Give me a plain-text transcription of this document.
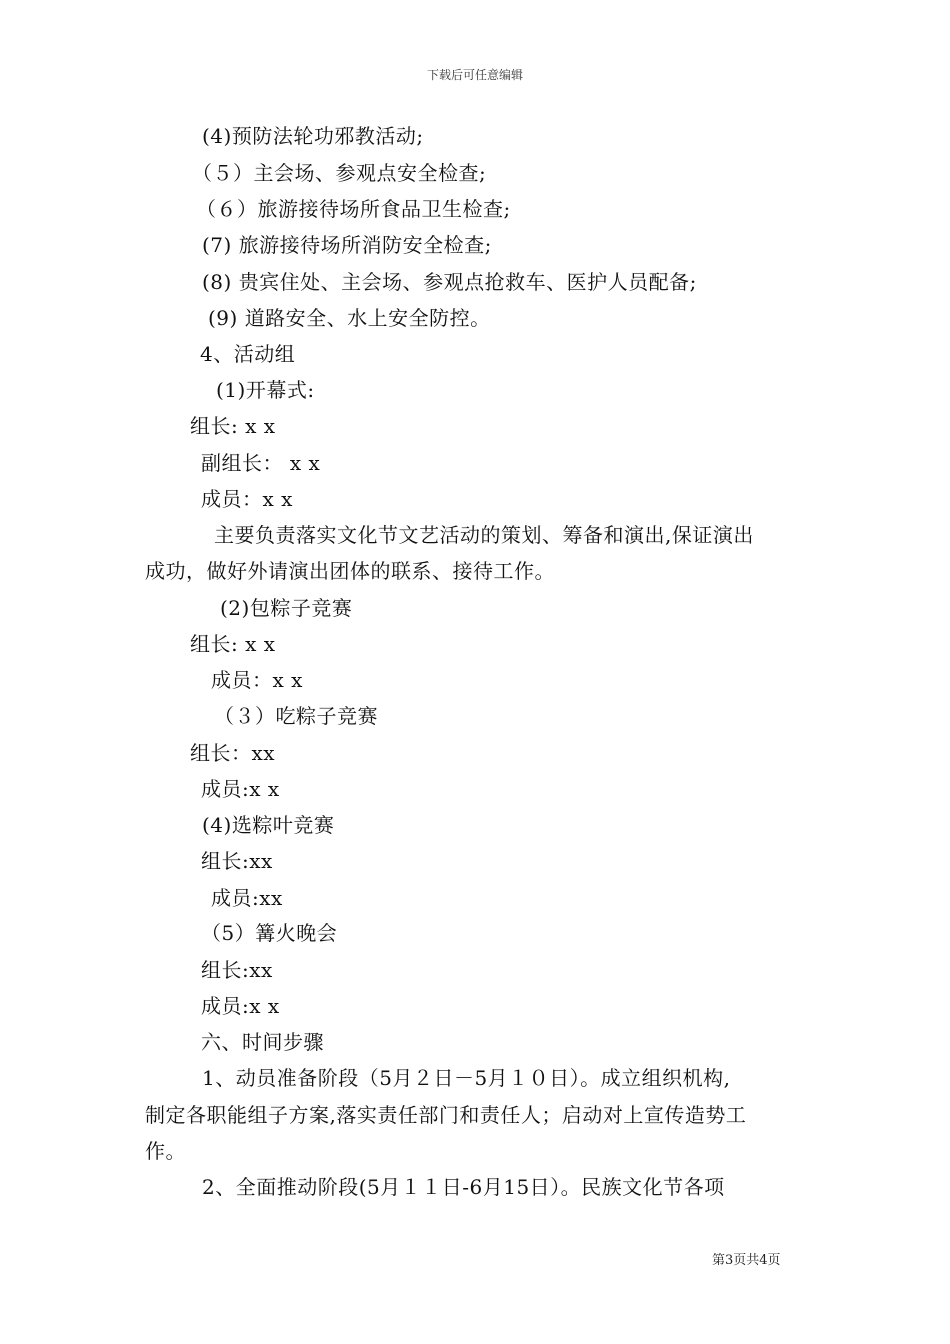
下载后可任意编辑
(4)预防法轮功邪教活动;
（５）主会场、参观点安全检查;
（６）旅游接待场所食品卫生检查;
(7) 旅游接待场所消防安全检查;
(8) 贵宾住处、主会场、参观点抢救车、医护人员配备;
(9) 道路安全、水上安全防控。
4、活动组
(1)开幕式:
组长: x x
副组长： x x
成员：x x
主要负责落实文化节文艺活动的策划、筹备和演出,保证演出
成功，做好外请演出团体的联系、接待工作。
(2)包粽子竞赛
组长: x x
成员：x x
（３）吃粽子竞赛
组长：xx
成员:x x
(4)选粽叶竞赛
组长:xx
成员:xx
（5）篝火晚会
组长:xx
成员:x x
六、时间步骤
1、动员准备阶段（5月２日－5月１０日）。成立组织机构,
制定各职能组子方案,落实责任部门和责任人；启动对上宣传造势工
作。
2、全面推动阶段(5月１１日-6月15日）。民族文化节各项
第3页共4页
